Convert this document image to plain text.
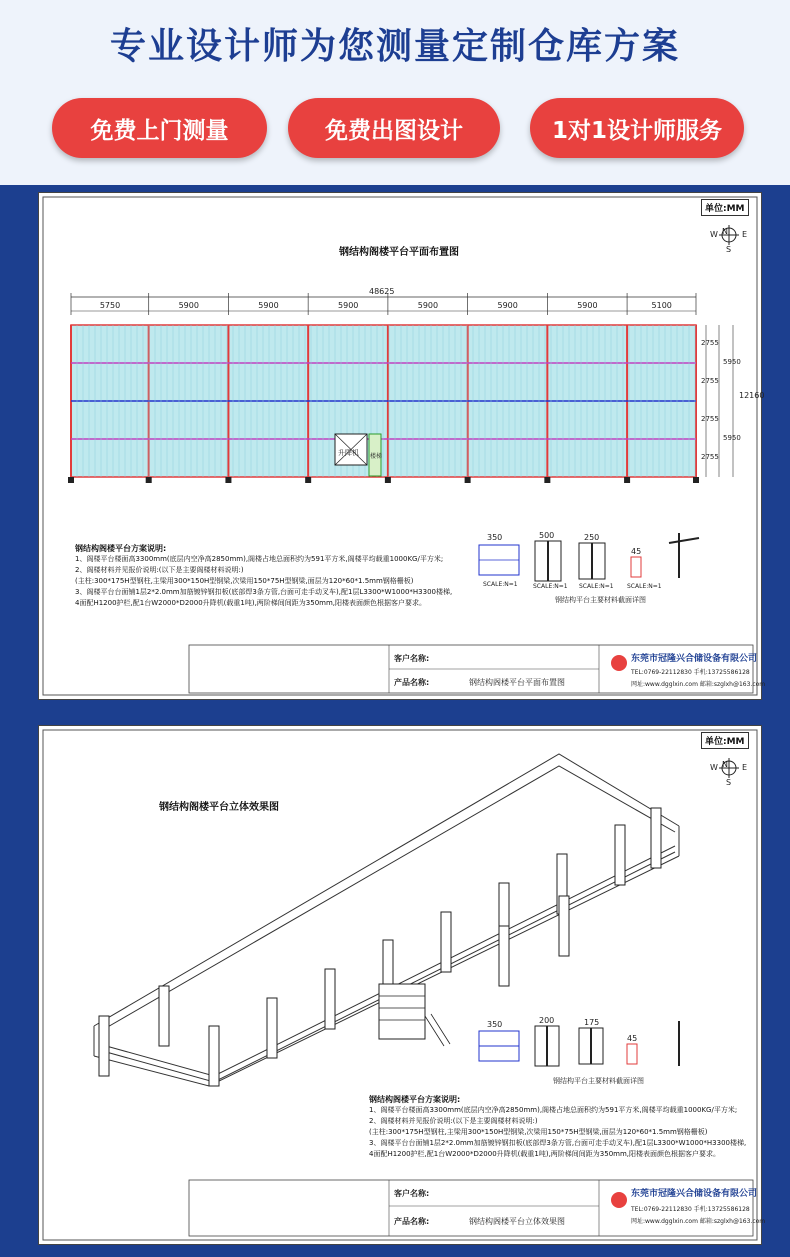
专业设计师为您测量定制仓库方案
免费上门测量	免费出图设计	1对1设计师服务
单位:MM
N
W	E
S
钢结构阁楼平台平面布置图
48625
5750	5900	5900	5900	5900	5900	5900	5100
2755
2755
2755
2755
5950
5950
12160
升降机 楼梯
钢结构阁楼平台方案说明:
1、阁楼平台楼面高3300mm(底层内空净高2850mm),阁楼占地总面积约为591平方米,阁楼平均载重1000KG/平方米;
2、阁楼材料并见报价说明:(以下是主要阁楼材料说明:)
(主柱:300*175H型钢柱,主梁用300*150H型钢梁,次梁用150*75H型钢梁,面层为120*60*1.5mm钢格栅板)
3、阁楼平台台面铺1层2*2.0mm加筋镀锌钢扣板(底部焊3条方管,台面可走手动叉车),配1层L3300*W1000*H3300楼梯,
4面配H1200护栏,配1台W2000*D2000升降机(载重1吨),两阶梯间间距为350mm,阳楼表面颜色根据客户要求。
350	500	250
45
SCALE:N=1	SCALE:N=1 SCALE:N=1 SCALE:N=1
钢结构平台主要材料截面详图
客户名称:
产品名称:	钢结构阁楼平台平面布置图
东莞市冠隆兴合储设备有限公司
TEL:0769-22112830 手机:13725586128
网址:www.dgglxin.com 邮箱:szglxh@163.com
单位:MM
N
W	E
S
钢结构阁楼平台立体效果图
350	200	175
45
钢结构平台主要材料截面详图
钢结构阁楼平台方案说明:
1、阁楼平台楼面高3300mm(底层内空净高2850mm),阁楼占地总面积约为591平方米,阁楼平均载重1000KG/平方米;
2、阁楼材料并见报价说明:(以下是主要阁楼材料说明:)
(主柱:300*175H型钢柱,主梁用300*150H型钢梁,次梁用150*75H型钢梁,面层为120*60*1.5mm钢格栅板)
3、阁楼平台台面铺1层2*2.0mm加筋镀锌钢扣板(底部焊3条方管,台面可走手动叉车),配1层L3300*W1000*H3300楼梯,
4面配H1200护栏,配1台W2000*D2000升降机(载重1吨),两阶梯间间距为350mm,阳楼表面颜色根据客户要求。
客户名称:
产品名称:	钢结构阁楼平台立体效果图
东莞市冠隆兴合储设备有限公司
TEL:0769-22112830 手机:13725586128
网址:www.dgglxin.com 邮箱:szglxh@163.com
